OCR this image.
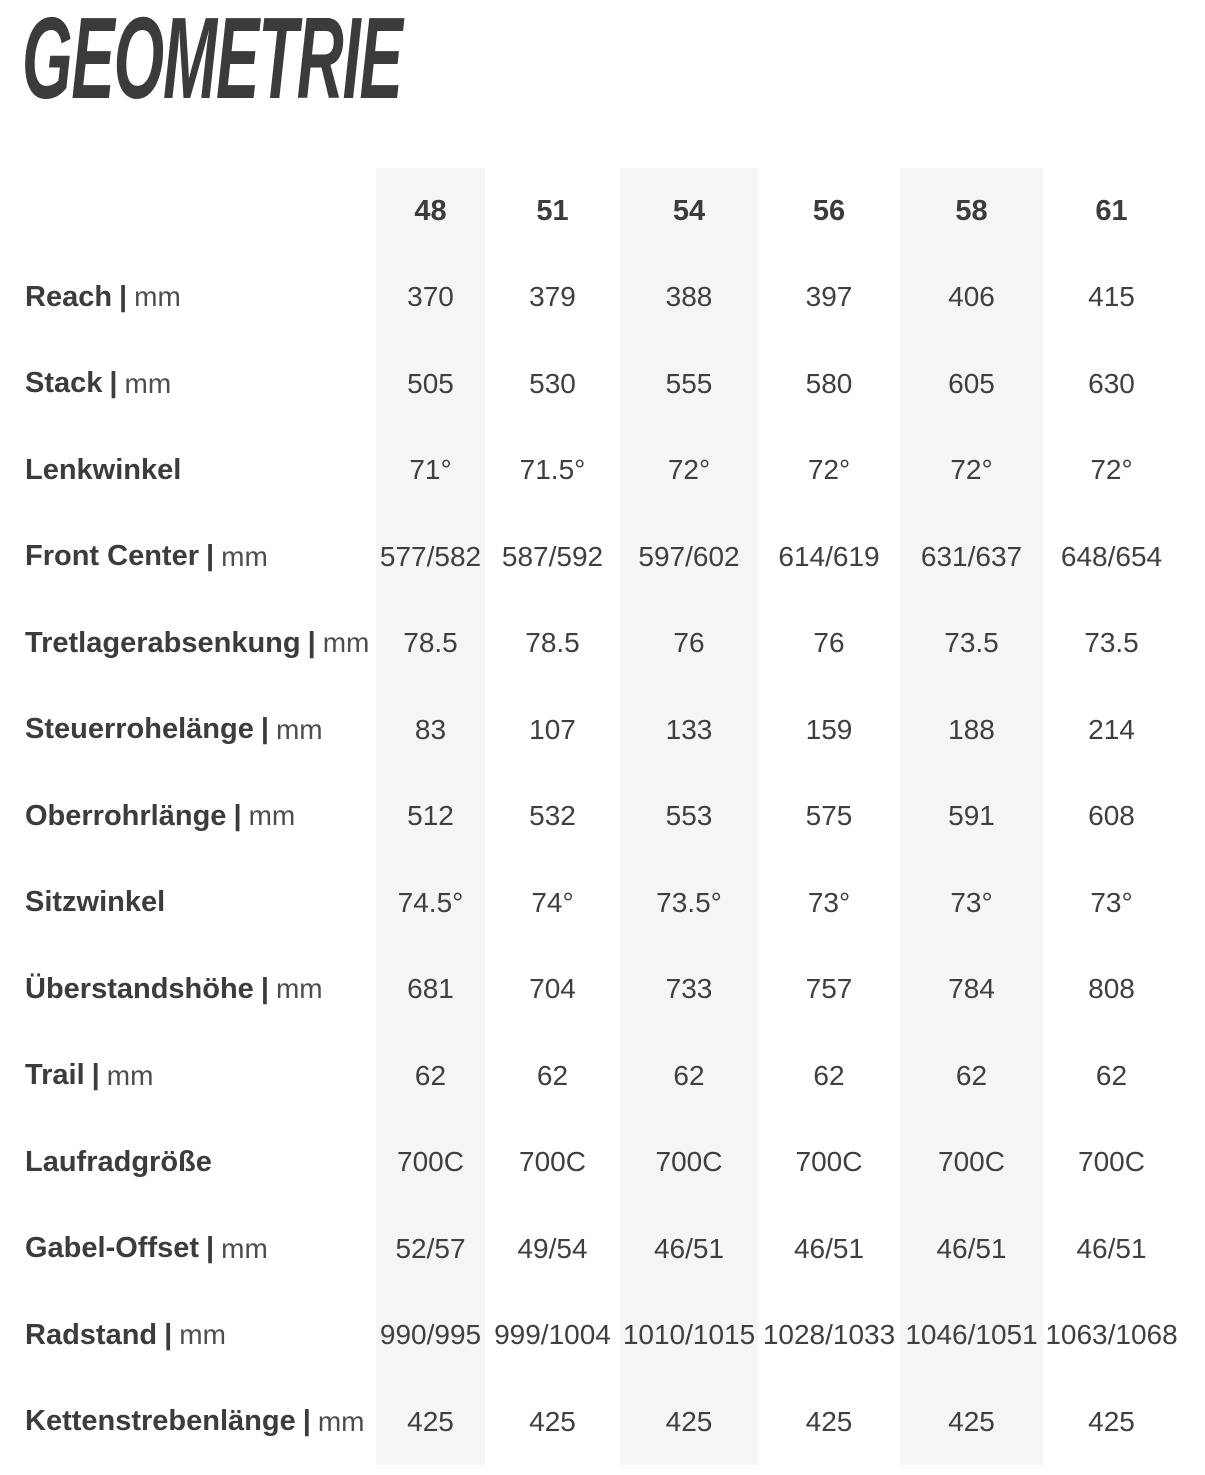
GEOMETRIE
48	51	54	56	58	61
Reach | mm	370	379	388	397	406	415
Stack | mm	505	530	555	580	605	630
Lenkwinkel	71°	71.5°	72°	72°	72°	72°
Front Center | mm	577/582 587/592	597/602	614/619	631/637	648/654
Tretlagerabsenkung | mm	78.5	78.5	76	76	73.5	73.5
Steuerrohelänge | mm	83	107	133	159	188	214
Oberrohrlänge | mm	512	532	553	575	591	608
Sitzwinkel	74.5°	74°	73.5°	73°	73°	73°
Überstandshöhe | mm	681	704	733	757	784	808
Trail | mm	62	62	62	62	62	62
Laufradgröße	700C	700C	700C	700C	700C	700C
Gabel-Offset | mm	52/57	49/54	46/51	46/51	46/51	46/51
Radstand | mm	990/995 999/1004 1010/1015 1028/1033 1046/1051 1063/1068
Kettenstrebenlänge | mm	425	425	425	425	425	425
